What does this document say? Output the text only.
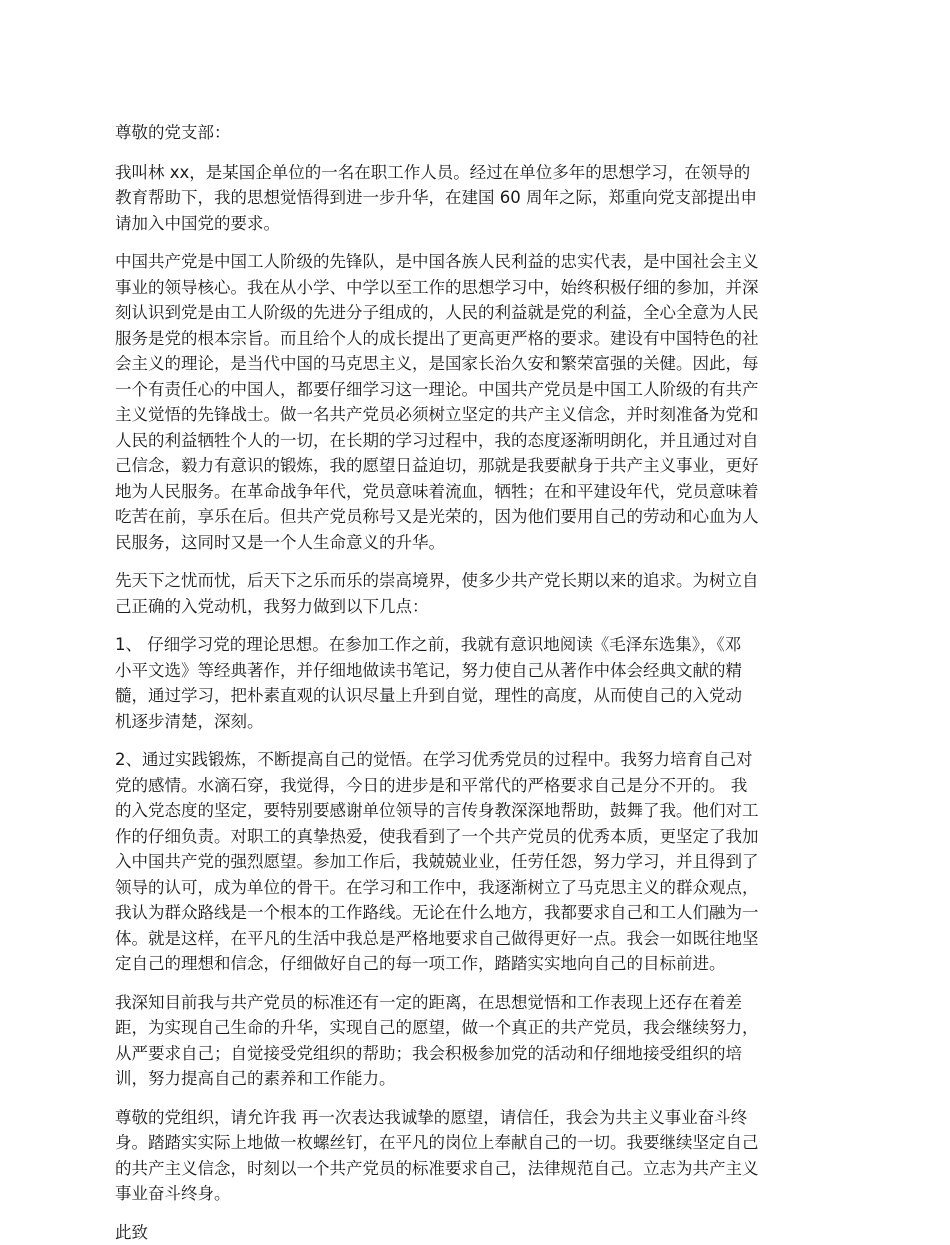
尊敬的党支部：
我叫林 xx，是某国企单位的一名在职工作人员。经过在单位多年的思想学习，在领导的
教育帮助下，我的思想觉悟得到进一步升华，在建国 60 周年之际，郑重向党支部提出申
请加入中国党的要求。
中国共产党是中国工人阶级的先锋队，是中国各族人民利益的忠实代表，是中国社会主义
事业的领导核心。我在从小学、中学以至工作的思想学习中，始终积极仔细的参加，并深
刻认识到党是由工人阶级的先进分子组成的，人民的利益就是党的利益，全心全意为人民
服务是党的根本宗旨。而且给个人的成长提出了更高更严格的要求。建设有中国特色的社
会主义的理论，是当代中国的马克思主义，是国家长治久安和繁荣富强的关健。因此，每
一个有责任心的中国人，都要仔细学习这一理论。中国共产党员是中国工人阶级的有共产
主义觉悟的先锋战士。做一名共产党员必须树立坚定的共产主义信念，并时刻准备为党和
人民的利益牺牲个人的一切，在长期的学习过程中，我的态度逐渐明朗化，并且通过对自
己信念，毅力有意识的锻炼，我的愿望日益迫切，那就是我要献身于共产主义事业，更好
地为人民服务。在革命战争年代，党员意味着流血，牺牲；在和平建设年代，党员意味着
吃苦在前，享乐在后。但共产党员称号又是光荣的，因为他们要用自己的劳动和心血为人
民服务，这同时又是一个人生命意义的升华。
先天下之忧而忧，后天下之乐而乐的崇高境界，使多少共产党长期以来的追求。为树立自
己正确的入党动机，我努力做到以下几点：
1、 仔细学习党的理论思想。在参加工作之前，我就有意识地阅读《毛泽东选集》，《邓
小平文选》等经典著作，并仔细地做读书笔记，努力使自己从著作中体会经典文献的精
髓，通过学习，把朴素直观的认识尽量上升到自觉，理性的高度，从而使自己的入党动
机逐步清楚，深刻。
2、通过实践锻炼，不断提高自己的觉悟。在学习优秀党员的过程中。我努力培育自己对
党的感情。水滴石穿，我觉得，今日的进步是和平常代的严格要求自己是分不开的。 我
的入党态度的坚定，要特别要感谢单位领导的言传身教深深地帮助，鼓舞了我。他们对工
作的仔细负责。对职工的真挚热爱，使我看到了一个共产党员的优秀本质，更坚定了我加
入中国共产党的强烈愿望。参加工作后，我兢兢业业，任劳任怨，努力学习，并且得到了
领导的认可，成为单位的骨干。在学习和工作中，我逐渐树立了马克思主义的群众观点，
我认为群众路线是一个根本的工作路线。无论在什么地方，我都要求自己和工人们融为一
体。就是这样，在平凡的生活中我总是严格地要求自己做得更好一点。我会一如既往地坚
定自己的理想和信念，仔细做好自己的每一项工作，踏踏实实地向自己的目标前进。
我深知目前我与共产党员的标准还有一定的距离，在思想觉悟和工作表现上还存在着差
距，为实现自己生命的升华，实现自己的愿望，做一个真正的共产党员，我会继续努力，
从严要求自己；自觉接受党组织的帮助；我会积极参加党的活动和仔细地接受组织的培
训，努力提高自己的素养和工作能力。
尊敬的党组织，请允许我 再一次表达我诚挚的愿望，请信任，我会为共主义事业奋斗终
身。踏踏实实际上地做一枚螺丝钉，在平凡的岗位上奉献自己的一切。我要继续坚定自己
的共产主义信念，时刻以一个共产党员的标准要求自己，法律规范自己。立志为共产主义
事业奋斗终身。
此致
